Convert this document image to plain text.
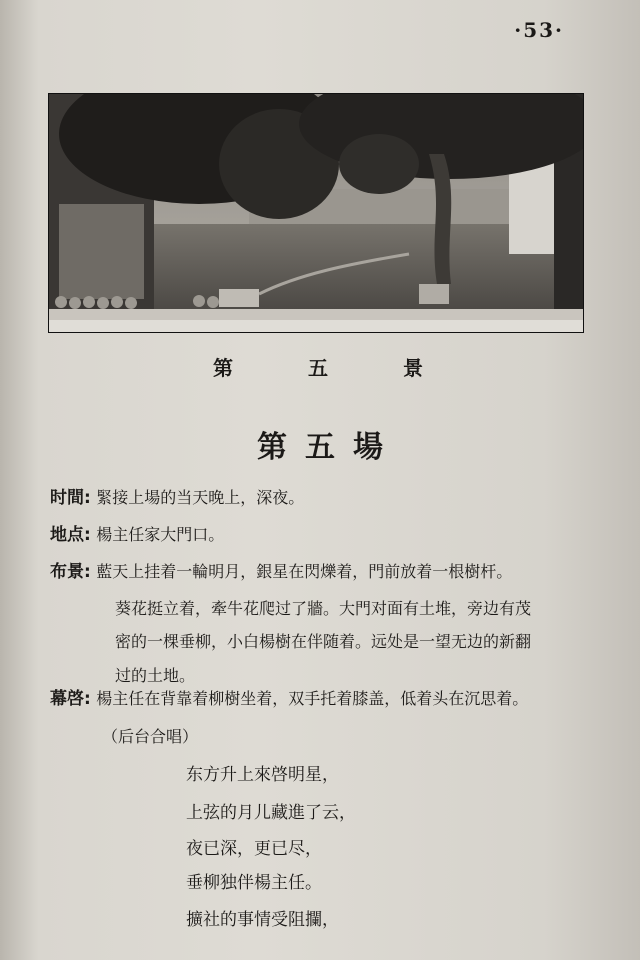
·53·
第 五 景
第五場
时間: 緊接上場的当天晚上，深夜。
地点: 楊主任家大門口。
布景: 藍天上挂着一輪明月，銀星在閃爍着，門前放着一根樹杆。
葵花挺立着，牽牛花爬过了牆。大門对面有土堆，旁边有茂
密的一棵垂柳，小白楊樹在伴随着。远处是一望无边的新翻
过的土地。
幕啓: 楊主任在背靠着柳樹坐着，双手托着膝盖，低着头在沉思着。
（后台合唱）
东方升上來啓明星，
上弦的月儿藏進了云，
夜已深，更已尽，
垂柳独伴楊主任。
擴社的事情受阻攔，
